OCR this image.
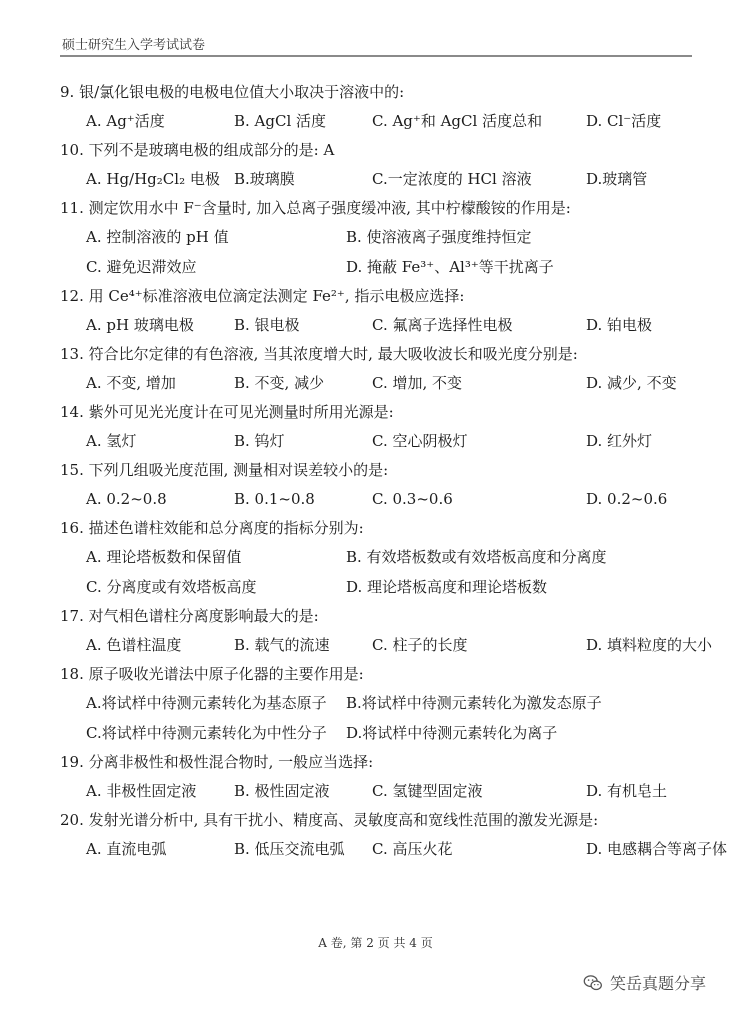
硕士研究生入学考试试卷
9. 银/氯化银电极的电极电位值大小取决于溶液中的:
A. Ag⁺活度	B. AgCl 活度	C. Ag⁺和 AgCl 活度总和	D. Cl⁻活度
10. 下列不是玻璃电极的组成部分的是: A
A. Hg/Hg₂Cl₂ 电极 B.玻璃膜	C.一定浓度的 HCl 溶液	D.玻璃管
11. 测定饮用水中 F⁻含量时, 加入总离子强度缓冲液, 其中柠檬酸铵的作用是:
A. 控制溶液的 pH 值	B. 使溶液离子强度维持恒定
C. 避免迟滞效应	D. 掩蔽 Fe³⁺、Al³⁺等干扰离子
12. 用 Ce⁴⁺标准溶液电位滴定法测定 Fe²⁺, 指示电极应选择:
A. pH 玻璃电极	B. 银电极	C. 氟离子选择性电极	D. 铂电极
13. 符合比尔定律的有色溶液, 当其浓度增大时, 最大吸收波长和吸光度分别是:
A. 不变, 增加	B. 不变, 减少	C. 增加, 不变	D. 减少, 不变
14. 紫外可见光光度计在可见光测量时所用光源是:
A. 氢灯	B. 钨灯	C. 空心阴极灯	D. 红外灯
15. 下列几组吸光度范围, 测量相对误差较小的是:
A. 0.2~0.8	B. 0.1~0.8	C. 0.3~0.6	D. 0.2~0.6
16. 描述色谱柱效能和总分离度的指标分别为:
A. 理论塔板数和保留值	B. 有效塔板数或有效塔板高度和分离度
C. 分离度或有效塔板高度	D. 理论塔板高度和理论塔板数
17. 对气相色谱柱分离度影响最大的是:
A. 色谱柱温度	B. 载气的流速	C. 柱子的长度	D. 填料粒度的大小
18. 原子吸收光谱法中原子化器的主要作用是:
A.将试样中待测元素转化为基态原子	B.将试样中待测元素转化为激发态原子
C.将试样中待测元素转化为中性分子	D.将试样中待测元素转化为离子
19. 分离非极性和极性混合物时, 一般应当选择:
A. 非极性固定液	B. 极性固定液	C. 氢键型固定液	D. 有机皂土
20. 发射光谱分析中, 具有干扰小、精度高、灵敏度高和宽线性范围的激发光源是:
A. 直流电弧	B. 低压交流电弧	C. 高压火花	D. 电感耦合等离子体
A 卷, 第 2 页 共 4 页
笑岳真题分享
